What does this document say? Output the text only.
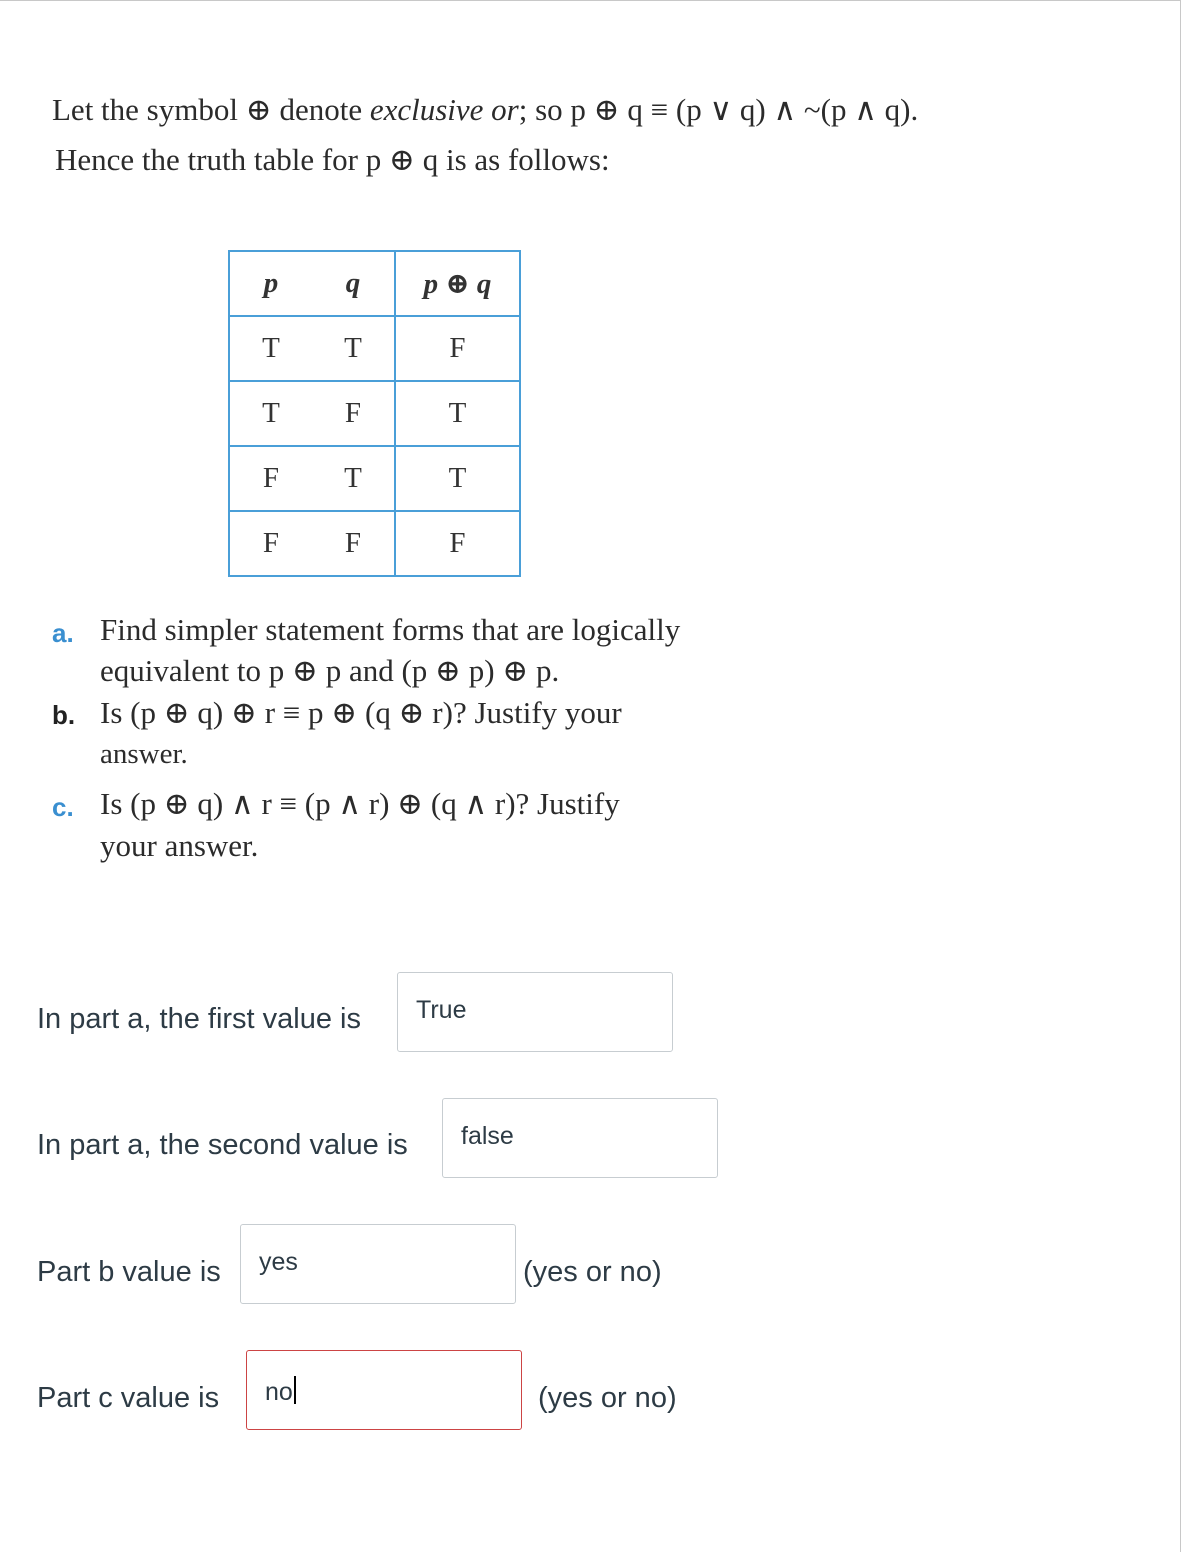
Let the symbol ⊕ denote exclusive or; so p ⊕ q ≡ (p ∨ q) ∧ ~(p ∧ q).
Hence the truth table for p ⊕ q is as follows:
p	q	p ⊕ q
T	T	F
T	F	T
F	T	T
F	F	F
a. Find simpler statement forms that are logically
equivalent to p ⊕ p and (p ⊕ p) ⊕ p.
b. Is (p ⊕ q) ⊕ r ≡ p ⊕ (q ⊕ r)? Justify your
answer.
c. Is (p ⊕ q) ∧ r ≡ (p ∧ r) ⊕ (q ∧ r)? Justify
your answer.
In part a, the first value is	True
In part a, the second value is	false
Part b value is	yes	(yes or no)
Part c value is	no	(yes or no)
